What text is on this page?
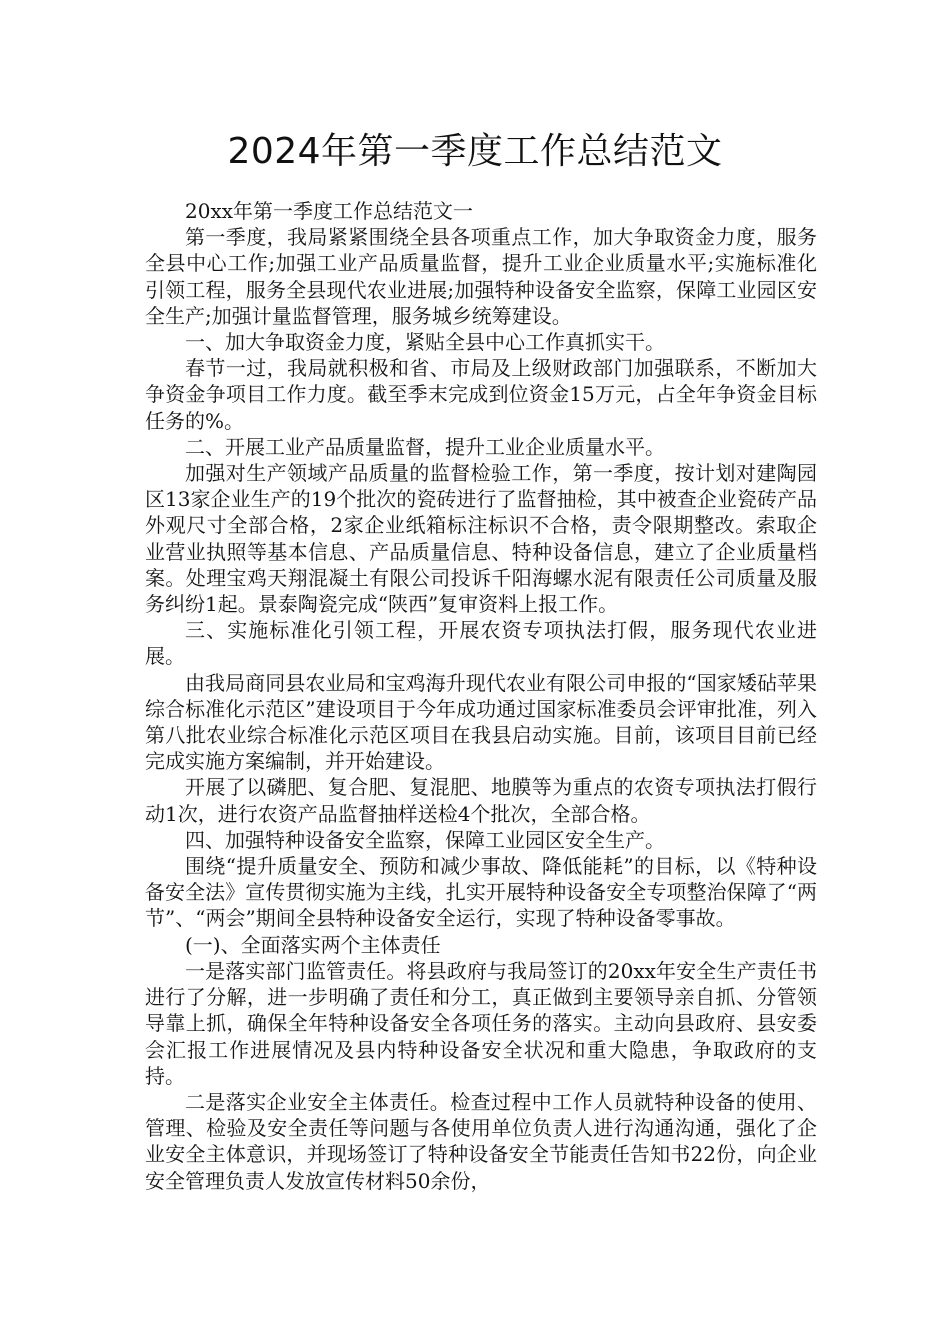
2024年第一季度工作总结范文

20xx年第一季度工作总结范文一

第一季度，我局紧紧围绕全县各项重点工作，加大争取资金力度，服务全县中心工作;加强工业产品质量监督，提升工业企业质量水平;实施标准化引领工程，服务全县现代农业进展;加强特种设备安全监察，保障工业园区安全生产;加强计量监督管理，服务城乡统筹建设。

一、加大争取资金力度，紧贴全县中心工作真抓实干。

春节一过，我局就积极和省、市局及上级财政部门加强联系，不断加大争资金争项目工作力度。截至季末完成到位资金15万元，占全年争资金目标任务的%。

二、开展工业产品质量监督，提升工业企业质量水平。

加强对生产领域产品质量的监督检验工作，第一季度，按计划对建陶园区13家企业生产的19个批次的瓷砖进行了监督抽检，其中被查企业瓷砖产品外观尺寸全部合格，2家企业纸箱标注标识不合格，责令限期整改。索取企业营业执照等基本信息、产品质量信息、特种设备信息，建立了企业质量档案。处理宝鸡天翔混凝土有限公司投诉千阳海螺水泥有限责任公司质量及服务纠纷1起。景泰陶瓷完成“陕西”复审资料上报工作。

三、实施标准化引领工程，开展农资专项执法打假，服务现代农业进展。

由我局商同县农业局和宝鸡海升现代农业有限公司申报的“国家矮砧苹果综合标准化示范区”建设项目于今年成功通过国家标准委员会评审批准，列入第八批农业综合标准化示范区项目在我县启动实施。目前，该项目目前已经完成实施方案编制，并开始建设。

开展了以磷肥、复合肥、复混肥、地膜等为重点的农资专项执法打假行动1次，进行农资产品监督抽样送检4个批次，全部合格。

四、加强特种设备安全监察，保障工业园区安全生产。

围绕“提升质量安全、预防和减少事故、降低能耗”的目标，以《特种设备安全法》宣传贯彻实施为主线，扎实开展特种设备安全专项整治保障了“两节”、“两会”期间全县特种设备安全运行，实现了特种设备零事故。

(一)、全面落实两个主体责任

一是落实部门监管责任。将县政府与我局签订的20xx年安全生产责任书进行了分解，进一步明确了责任和分工，真正做到主要领导亲自抓、分管领导靠上抓，确保全年特种设备安全各项任务的落实。主动向县政府、县安委会汇报工作进展情况及县内特种设备安全状况和重大隐患，争取政府的支持。

二是落实企业安全主体责任。检查过程中工作人员就特种设备的使用、管理、检验及安全责任等问题与各使用单位负责人进行沟通沟通，强化了企业安全主体意识，并现场签订了特种设备安全节能责任告知书22份，向企业安全管理负责人发放宣传材料50余份，
